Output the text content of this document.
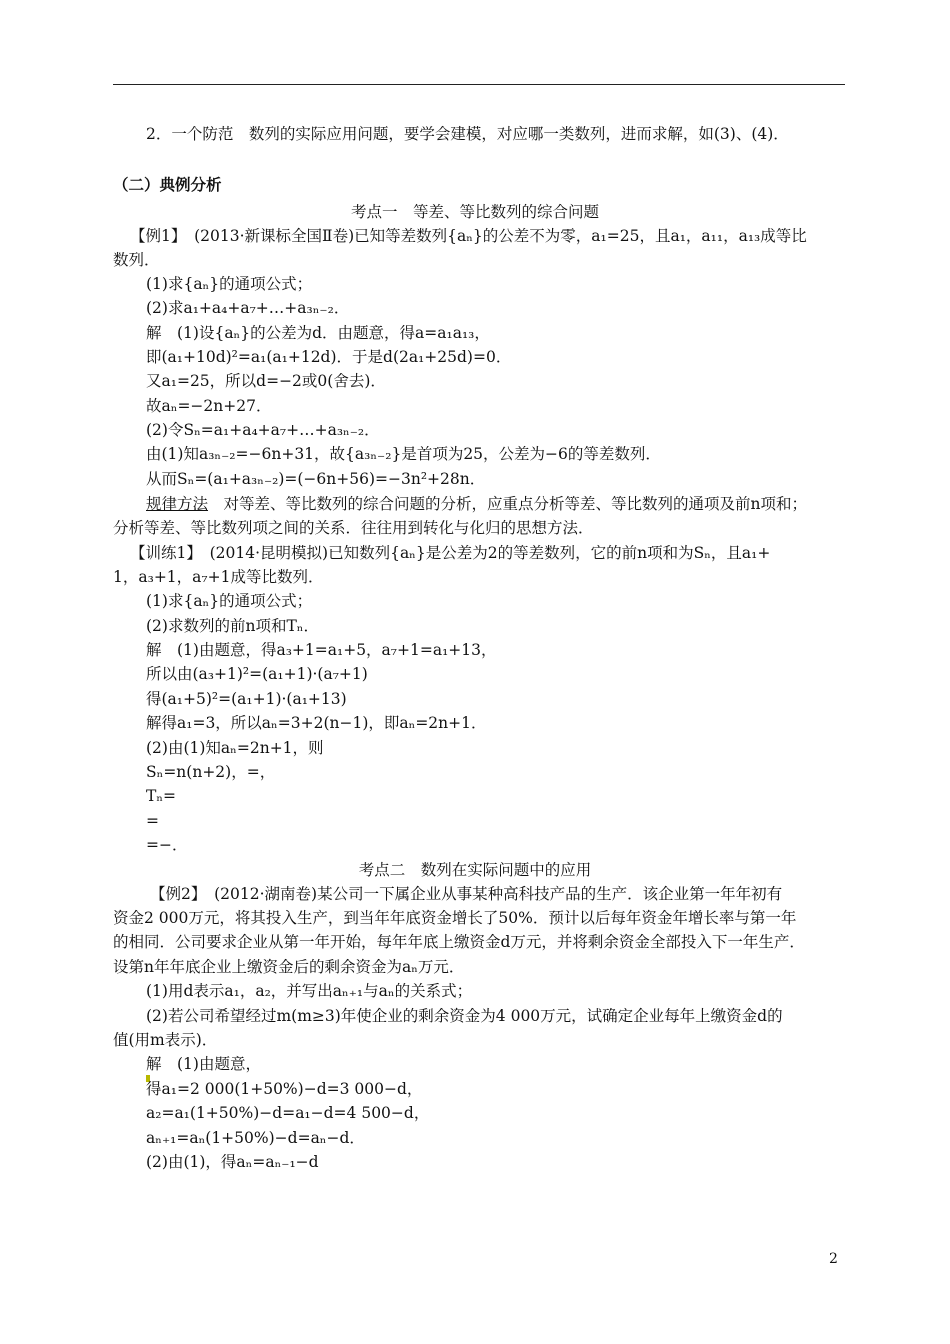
2．一个防范　数列的实际应用问题，要学会建模，对应哪一类数列，进而求解，如(3)、(4)．
（二）典例分析
考点一　等差、等比数列的综合问题
【例1】　(2013·新课标全国Ⅱ卷)已知等差数列{aₙ}的公差不为零，a₁=25，且a₁，a₁₁，a₁₃成等比
数列．
(1)求{aₙ}的通项公式；
(2)求a₁+a₄+a₇+…+a₃ₙ₋₂．
解　(1)设{aₙ}的公差为d．由题意，得a=a₁a₁₃，
即(a₁+10d)²=a₁(a₁+12d)．于是d(2a₁+25d)=0．
又a₁=25，所以d=−2或0(舍去)．
故aₙ=−2n+27．
(2)令Sₙ=a₁+a₄+a₇+…+a₃ₙ₋₂．
由(1)知a₃ₙ₋₂=−6n+31，故{a₃ₙ₋₂}是首项为25，公差为−6的等差数列．
从而Sₙ=(a₁+a₃ₙ₋₂)=(−6n+56)=−3n²+28n．
规律方法　对等差、等比数列的综合问题的分析，应重点分析等差、等比数列的通项及前n项和；
分析等差、等比数列项之间的关系．往往用到转化与化归的思想方法．
【训练1】　(2014·昆明模拟)已知数列{aₙ}是公差为2的等差数列，它的前n项和为Sₙ，且a₁+
1，a₃+1，a₇+1成等比数列．
(1)求{aₙ}的通项公式；
(2)求数列的前n项和Tₙ．
解　(1)由题意，得a₃+1=a₁+5，a₇+1=a₁+13，
所以由(a₃+1)²=(a₁+1)·(a₇+1)
得(a₁+5)²=(a₁+1)·(a₁+13)
解得a₁=3，所以aₙ=3+2(n−1)，即aₙ=2n+1．
(2)由(1)知aₙ=2n+1，则
Sₙ=n(n+2)，=，
Tₙ=
=
=−．
考点二　数列在实际问题中的应用
【例2】　(2012·湖南卷)某公司一下属企业从事某种高科技产品的生产．该企业第一年年初有
资金2 000万元，将其投入生产，到当年年底资金增长了50%．预计以后每年资金年增长率与第一年
的相同．公司要求企业从第一年开始，每年年底上缴资金d万元，并将剩余资金全部投入下一年生产．
设第n年年底企业上缴资金后的剩余资金为aₙ万元．
(1)用d表示a₁，a₂，并写出aₙ₊₁与aₙ的关系式；
(2)若公司希望经过m(m≥3)年使企业的剩余资金为4 000万元，试确定企业每年上缴资金d的
值(用m表示)．
解　(1)由题意，
得a₁=2 000(1+50%)−d=3 000−d，
a₂=a₁(1+50%)−d=a₁−d=4 500−d，
aₙ₊₁=aₙ(1+50%)−d=aₙ−d．
(2)由(1)，得aₙ=aₙ₋₁−d
2
